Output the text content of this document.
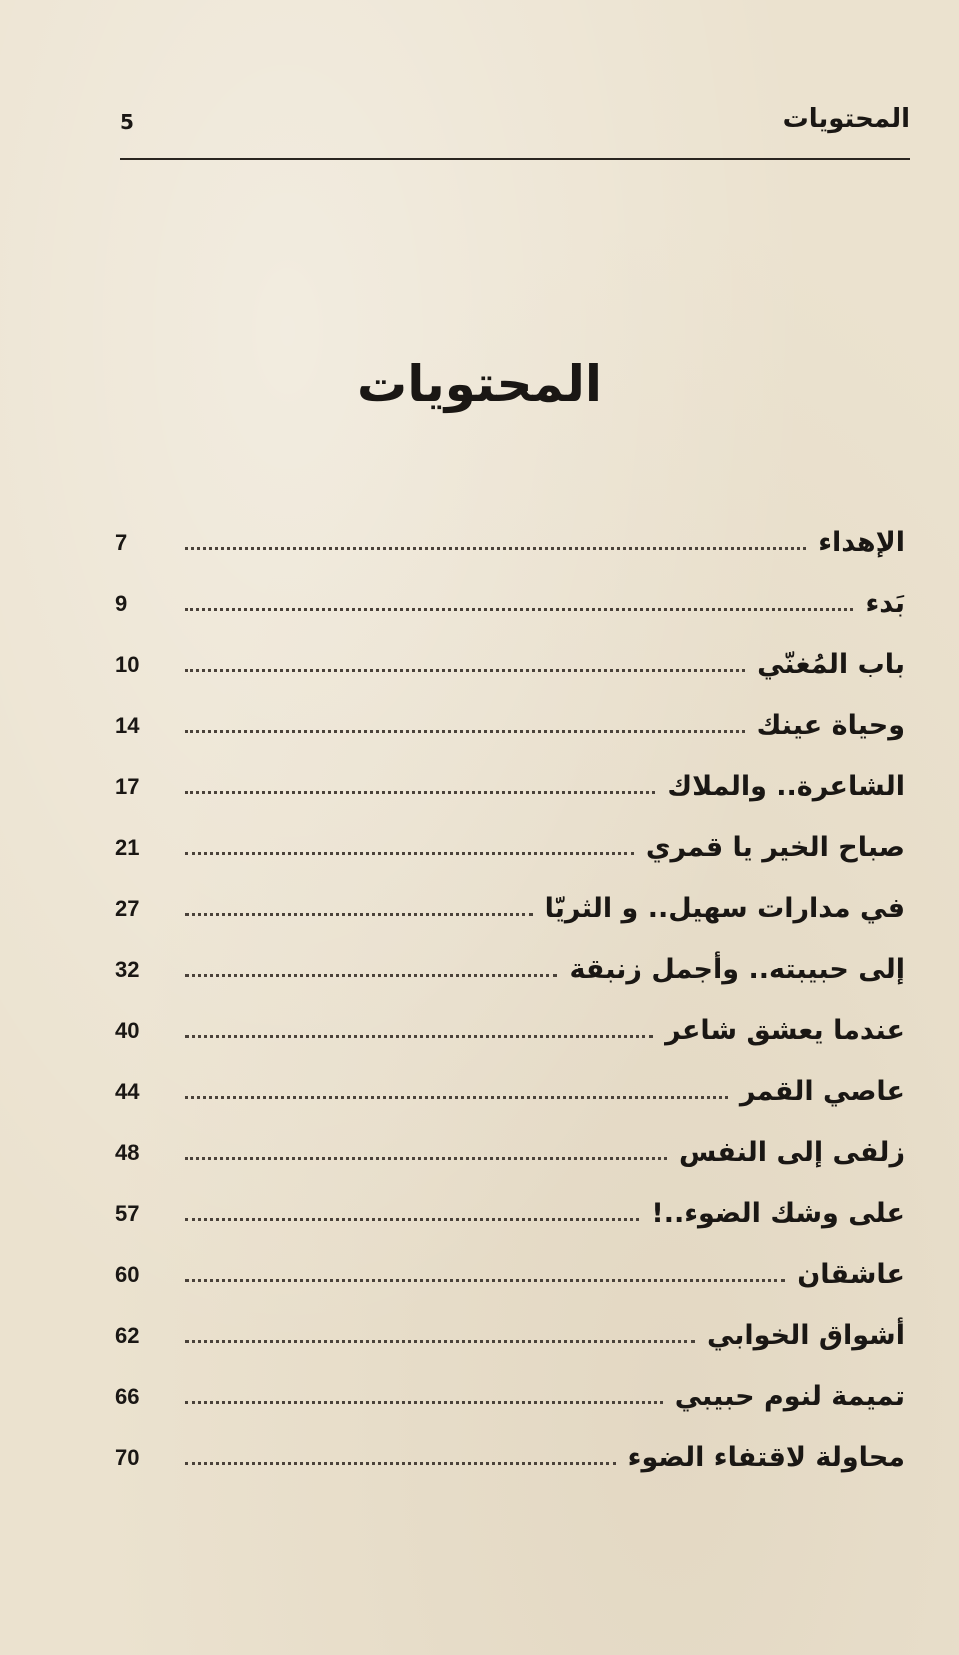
5	المحتويات
المحتويات
7	الإهداء
9	بَدء
10	باب المُغنّي
14	وحياة عينك
17	الشاعرة.. والملاك
21	صباح الخير يا قمري
27	في مدارات سهيل.. و الثريّا
32	إلى حبيبته.. وأجمل زنبقة
40	عندما يعشق شاعر
44	عاصي القمر
48	زلفى إلى النفس
57	على وشك الضوء..!
60	عاشقان
62	أشواق الخوابي
66	تميمة لنوم حبيبي
70	محاولة لاقتفاء الضوء
